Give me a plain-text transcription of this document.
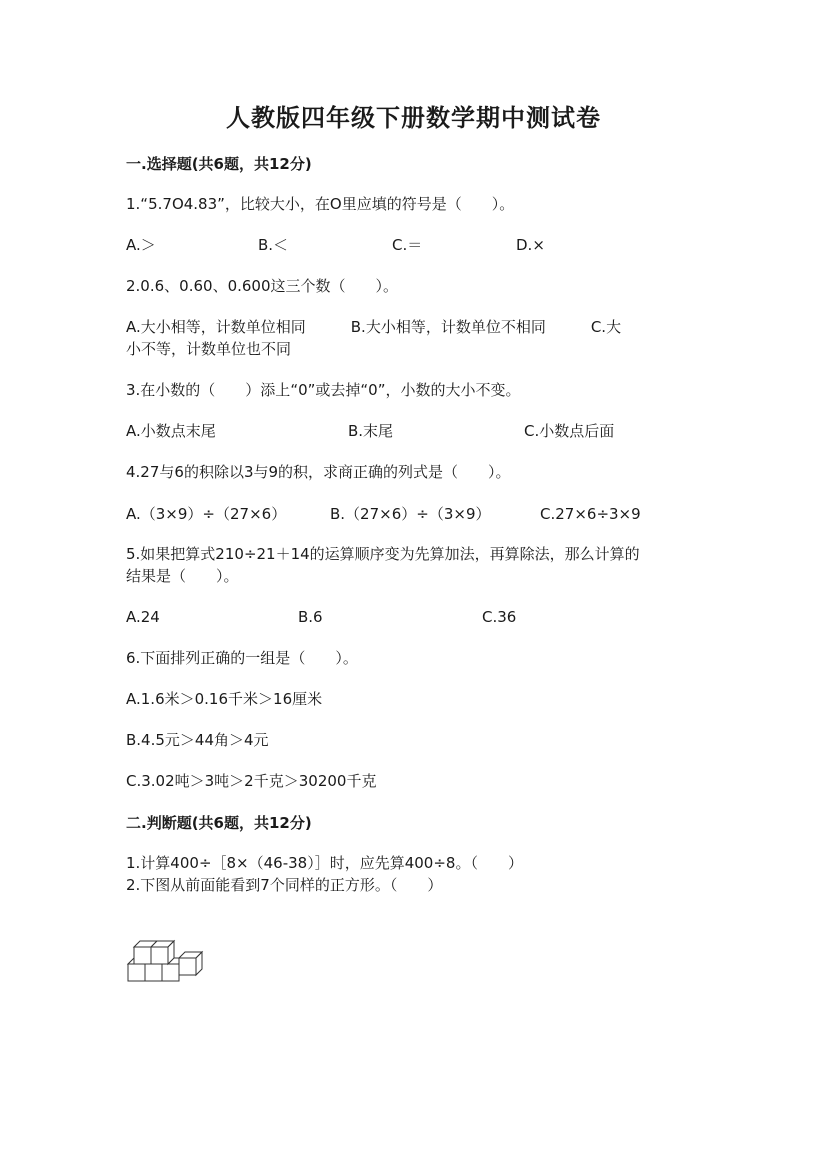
人教版四年级下册数学期中测试卷
一.选择题(共6题，共12分)
1.“5.7O4.83”，比较大小，在O里应填的符号是（　　）。
A.＞	B.＜	C.＝	D.×
2.0.6、0.60、0.600这三个数（　　）。
A.大小相等，计数单位相同　　　B.大小相等，计数单位不相同　　　C.大
小不等，计数单位也不同
3.在小数的（　　）添上“0”或去掉“0”，小数的大小不变。
A.小数点末尾	B.末尾	C.小数点后面
4.27与6的积除以3与9的积，求商正确的列式是（　　）。
A.（3×9）÷（27×6）	B.（27×6）÷（3×9）	C.27×6÷3×9
5.如果把算式210÷21＋14的运算顺序变为先算加法，再算除法，那么计算的
结果是（　　）。
A.24	B.6	C.36
6.下面排列正确的一组是（　　）。
A.1.6米＞0.16千米＞16厘米
B.4.5元＞44角＞4元
C.3.02吨＞3吨＞2千克＞30200千克
二.判断题(共6题，共12分)
1.计算400÷［8×（46-38）］时，应先算400÷8。（　　）
2.下图从前面能看到7个同样的正方形。（　　）
